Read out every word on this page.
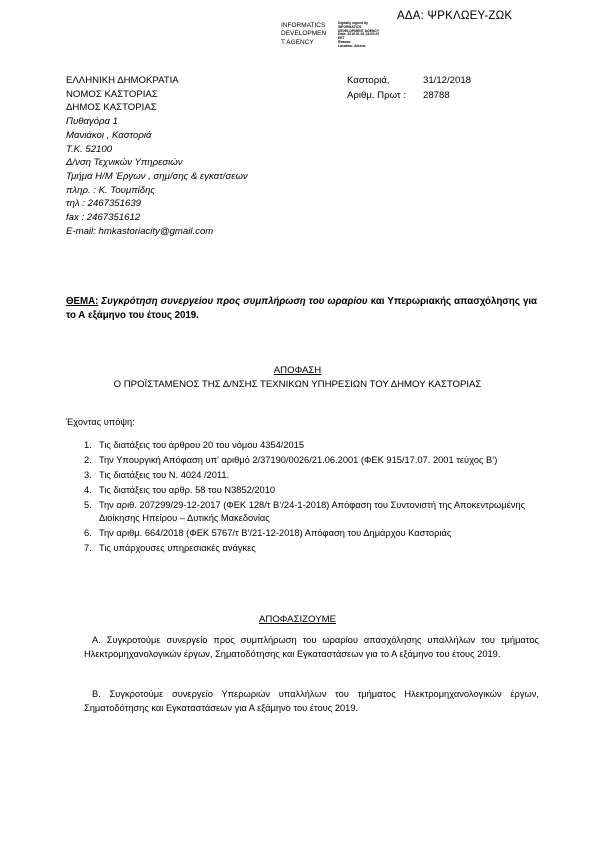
ΑΔΑ: ΨΡΚΛΩΕΥ-ΖΩΚ
INFORMATICS
DEVELOPMEN
T AGENCY
Digitally signed by
INFORMATICS
DEVELOPMENT AGENCY
Date: 2019.01.03 13:09:23
EET
Reason:
Location: Athens
ΕΛΛΗΝΙΚΗ ΔΗΜΟΚΡΑΤΙΑ
ΝΟΜΟΣ ΚΑΣΤΟΡΙΑΣ
ΔΗΜΟΣ ΚΑΣΤΟΡΙΑΣ
Πυθαγόρα 1
Μανιάκοι , Καστοριά
Τ.Κ. 52100
Δ/νση Τεχνικών Υπηρεσιών
Τμήμα Η/Μ Έργων , σημ/σης & εγκατ/σεων
πληρ. : Κ. Τουμπίδης
τηλ : 2467351639
fax : 2467351612
E-mail: hmkastoriacity@gmail.com
Καστοριά,	31/12/2018
Αριθμ. Πρωτ : 28788
ΘΕΜΑ: Συγκρότηση συνεργείου προς συμπλήρωση του ωραρίου και Υπερωριακής απασχόλησης για το Α εξάμηνο του έτους 2019.
ΑΠΟΦΑΣΗ
Ο ΠΡΟΪΣΤΑΜΕΝΟΣ ΤΗΣ Δ/ΝΣΗΣ ΤΕΧΝΙΚΩΝ ΥΠΗΡΕΣΙΩΝ ΤΟΥ ΔΗΜΟΥ ΚΑΣΤΟΡΙΑΣ
Έχοντας υπόψη:
1. Τις διατάξεις του άρθρου 20 του νόμου 4354/2015
2. Την Υπουργική Απόφαση υπ’ αριθμό 2/37190/0026/21.06.2001 (ΦΕΚ 915/17.07. 2001 τεύχος Β’)
3. Τις διατάξεις του Ν. 4024 /2011.
4. Τις διατάξεις του αρθρ. 58 του Ν3852/2010
5. Την αριθ. 207299/29-12-2017 (ΦΕΚ 128/τ Β’/24-1-2018) Απόφαση του Συντονιστή της Αποκεντρωμένης Διοίκησης Ηπείρου – Δυτικής Μακεδονίας
6. Την αριθμ. 664/2018 (ΦΕΚ 5767/τ Β’/21-12-2018) Απόφαση του Δημάρχου Καστοριάς
7. Τις υπάρχουσες υπηρεσιακές ανάγκες
ΑΠΟΦΑΣΙΖΟΥΜΕ
Α. Συγκροτούμε συνεργείο προς συμπλήρωση του ωραρίου απασχόλησης υπαλλήλων του τμήματος Ηλεκτρομηχανολογικών έργων, Σηματοδότησης και Εγκαταστάσεων για το Α εξάμηνο του έτους 2019.
Β. Συγκροτούμε συνεργείο Υπερωριών υπαλλήλων του τμήματος Ηλεκτρομηχανολογικών έργων, Σηματοδότησης και Εγκαταστάσεων για Α εξάμηνο του έτους 2019.
